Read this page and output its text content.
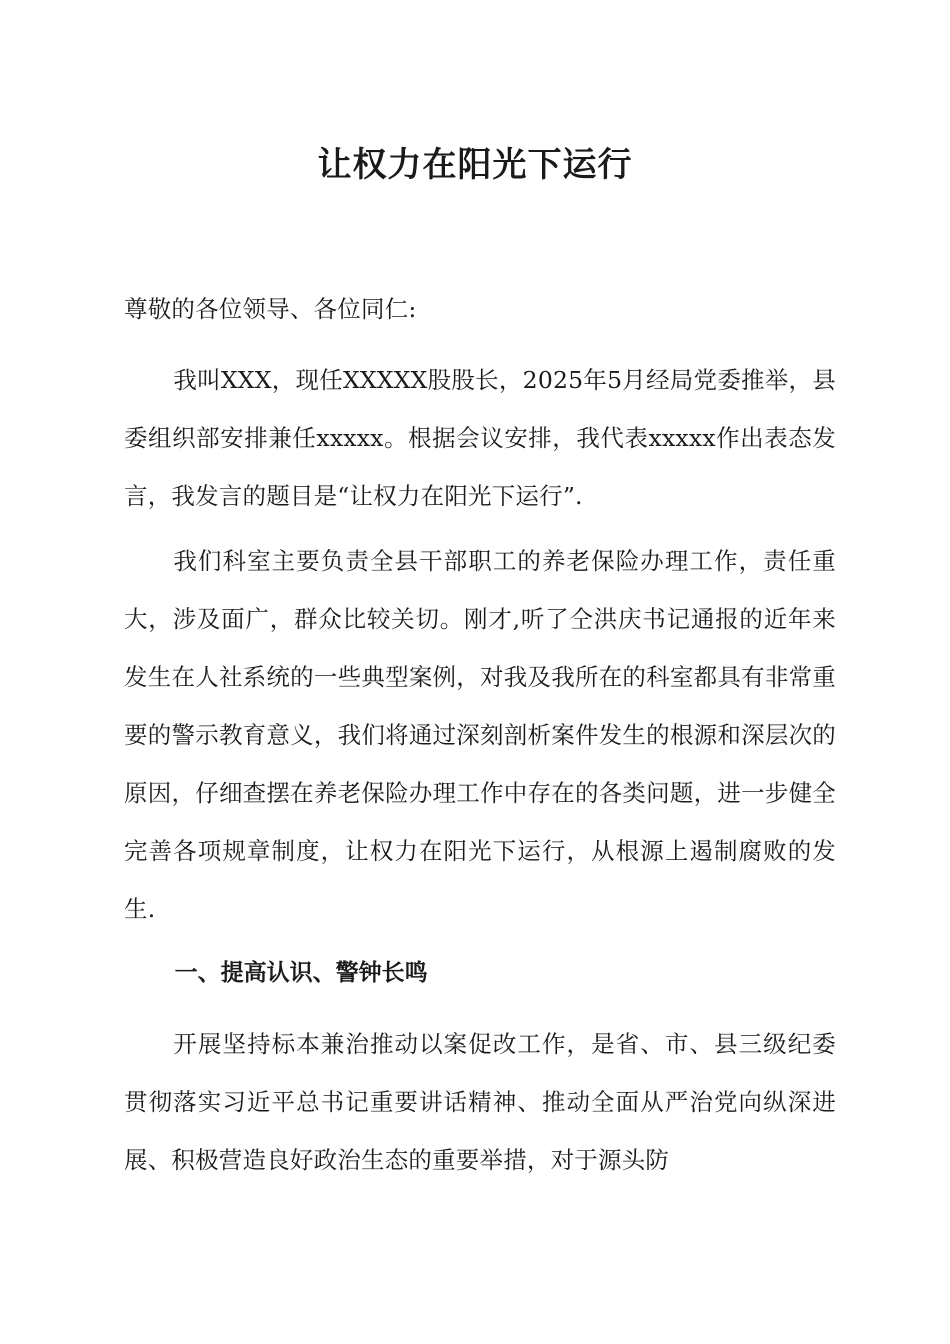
让权力在阳光下运行

尊敬的各位领导、各位同仁:

我叫XXX，现任XXXXX股股长，2025年5月经局党委推举，县委组织部安排兼任xxxxx。根据会议安排，我代表xxxxx作出表态发言，我发言的题目是“让权力在阳光下运行”.

我们科室主要负责全县干部职工的养老保险办理工作，责任重大，涉及面广，群众比较关切。刚才,听了仝洪庆书记通报的近年来发生在人社系统的一些典型案例，对我及我所在的科室都具有非常重要的警示教育意义，我们将通过深刻剖析案件发生的根源和深层次的原因，仔细查摆在养老保险办理工作中存在的各类问题，进一步健全完善各项规章制度，让权力在阳光下运行，从根源上遏制腐败的发生.

一、提高认识、警钟长鸣

开展坚持标本兼治推动以案促改工作，是省、市、县三级纪委贯彻落实习近平总书记重要讲话精神、推动全面从严治党向纵深进展、积极营造良好政治生态的重要举措，对于源头防
